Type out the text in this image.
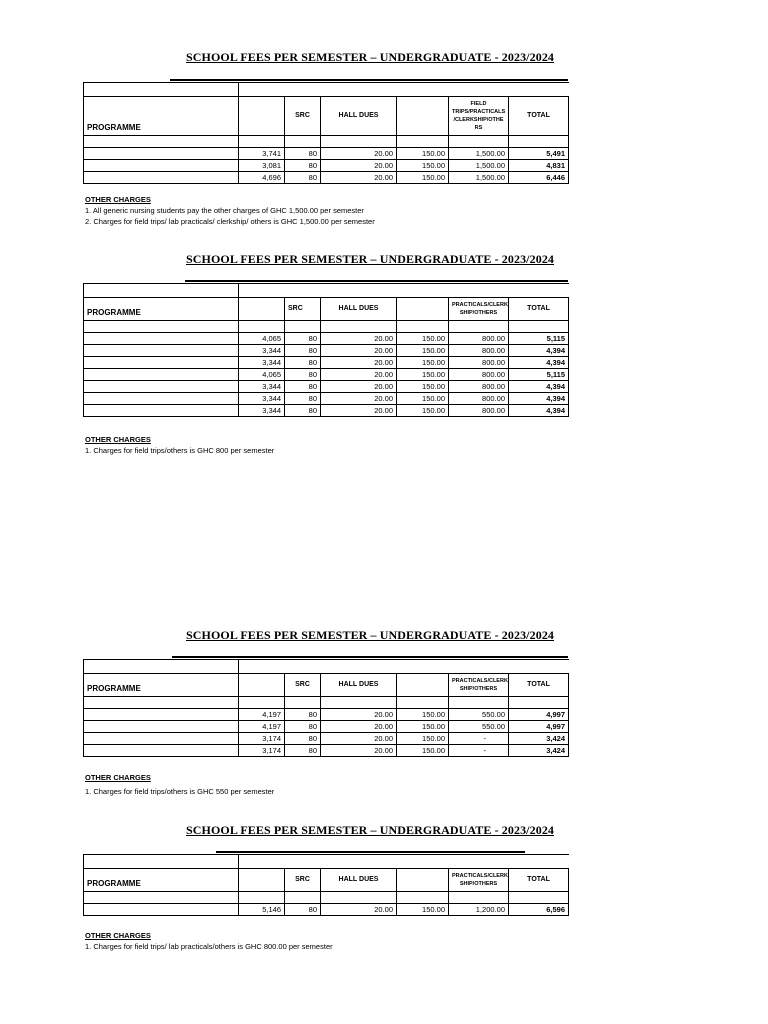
SCHOOL FEES PER SEMESTER – UNDERGRADUATE - 2023/2024

PROGRAMME		SRC	HALL DUES		FIELD TRIPS/PRACTICALS /CLERKSHIP/OTHE RS	TOTAL

	3,741	80	20.00	150.00	1,500.00	5,491
	3,081	80	20.00	150.00	1,500.00	4,831
	4,696	80	20.00	150.00	1,500.00	6,446
OTHER CHARGES
1. All generic nursing students pay the other charges of GHC 1,500.00 per semester
2. Charges for field trips/ lab practicals/ clerkship/ others is GHC 1,500.00 per semester
SCHOOL FEES PER SEMESTER – UNDERGRADUATE - 2023/2024

PROGRAMME		SRC	HALL DUES		PRACTICALS/CLERK SHIP/OTHERS	TOTAL

	4,065	80	20.00	150.00	800.00	5,115
	3,344	80	20.00	150.00	800.00	4,394
	3,344	80	20.00	150.00	800.00	4,394
	4,065	80	20.00	150.00	800.00	5,115
	3,344	80	20.00	150.00	800.00	4,394
	3,344	80	20.00	150.00	800.00	4,394
	3,344	80	20.00	150.00	800.00	4,394
OTHER CHARGES
1. Charges for field trips/others is GHC 800 per semester
SCHOOL FEES PER SEMESTER – UNDERGRADUATE - 2023/2024

PROGRAMME		SRC	HALL DUES		PRACTICALS/CLERK SHIP/OTHERS	TOTAL

	4,197	80	20.00	150.00	550.00	4,997
	4,197	80	20.00	150.00	550.00	4,997
	3,174	80	20.00	150.00	-	3,424
	3,174	80	20.00	150.00	-	3,424
OTHER CHARGES
1. Charges for field trips/others is GHC 550 per semester
SCHOOL FEES PER SEMESTER – UNDERGRADUATE - 2023/2024

PROGRAMME		SRC	HALL DUES		PRACTICALS/CLERK SHIP/OTHERS	TOTAL

	5,146	80	20.00	150.00	1,200.00	6,596
OTHER CHARGES
1. Charges for field trips/ lab practicals/others is GHC 800.00 per semester
